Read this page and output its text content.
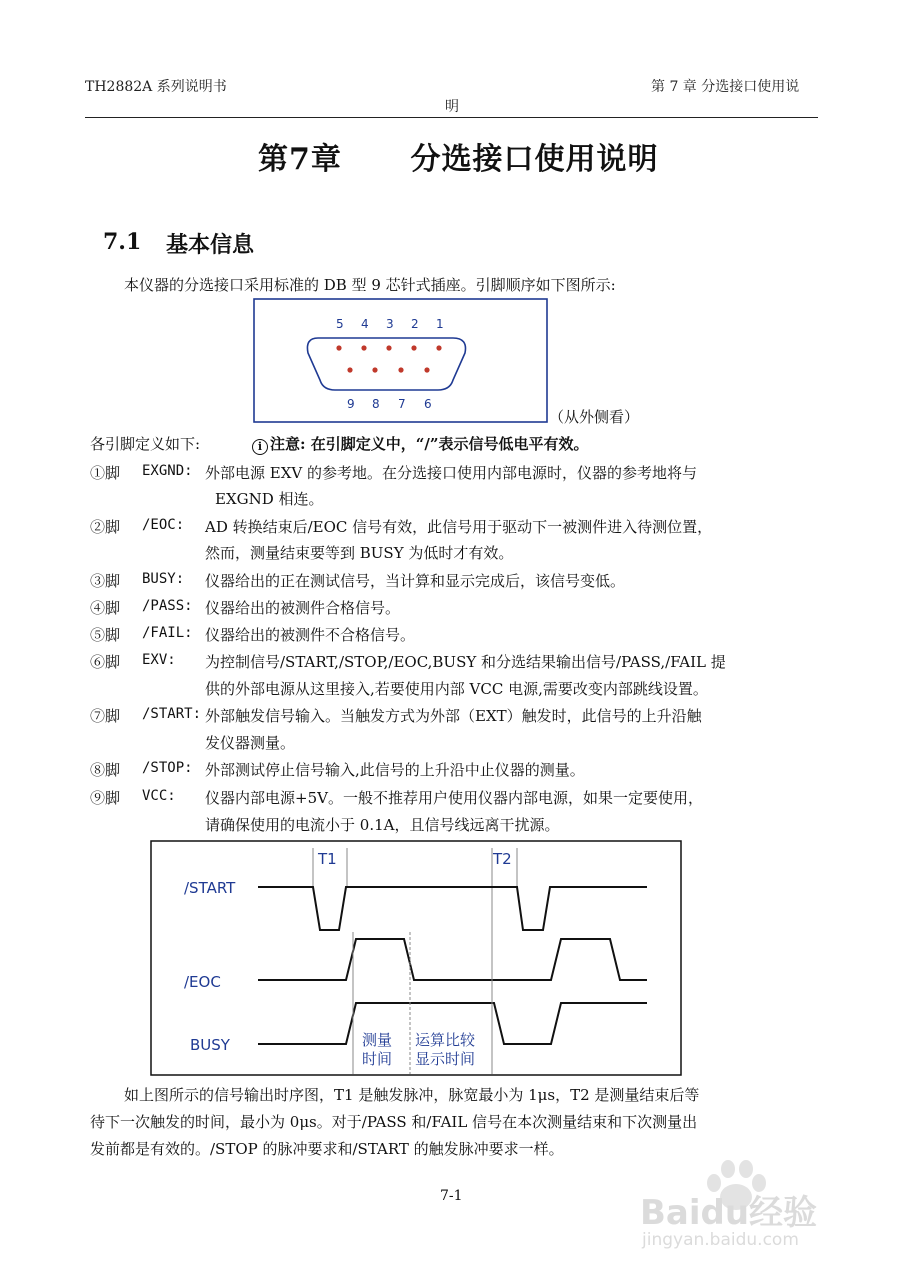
TH2882A 系列说明书	第 7 章 分选接口使用说
明
第7章      分选接口使用说明
7.1 基本信息
本仪器的分选接口采用标准的 DB 型 9 芯针式插座。引脚顺序如下图所示:
5 4 3 2 1
9 8 7 6
（从外侧看）
各引脚定义如下:	i 注意: 在引脚定义中，“/”表示信号低电平有效。
①脚 EXGND: 外部电源 EXV 的参考地。在分选接口使用内部电源时，仪器的参考地将与
EXGND 相连。
②脚 /EOC: AD 转换结束后/EOC 信号有效，此信号用于驱动下一被测件进入待测位置，
然而，测量结束要等到 BUSY 为低时才有效。
③脚 BUSY: 仪器给出的正在测试信号，当计算和显示完成后，该信号变低。
④脚 /PASS: 仪器给出的被测件合格信号。
⑤脚 /FAIL: 仪器给出的被测件不合格信号。
⑥脚 EXV: 为控制信号/START,/STOP,/EOC,BUSY 和分选结果输出信号/PASS,/FAIL 提
供的外部电源从这里接入,若要使用内部 VCC 电源,需要改变内部跳线设置。
⑦脚 /START: 外部触发信号输入。当触发方式为外部（EXT）触发时，此信号的上升沿触
发仪器测量。
⑧脚 /STOP: 外部测试停止信号输入,此信号的上升沿中止仪器的测量。
⑨脚 VCC: 仪器内部电源+5V。一般不推荐用户使用仪器内部电源，如果一定要使用，
请确保使用的电流小于 0.1A，且信号线远离干扰源。
T1	T2
/START
/EOC
BUSY	测量
时间
运算比较
显示时间
如上图所示的信号输出时序图，T1 是触发脉冲，脉宽最小为 1μs，T2 是测量结束后等
待下一次触发的时间，最小为 0μs。对于/PASS 和/FAIL 信号在本次测量结束和下次测量出
发前都是有效的。/STOP 的脉冲要求和/START 的触发脉冲要求一样。
7-1	Baidu经验
jingyan.baidu.com
